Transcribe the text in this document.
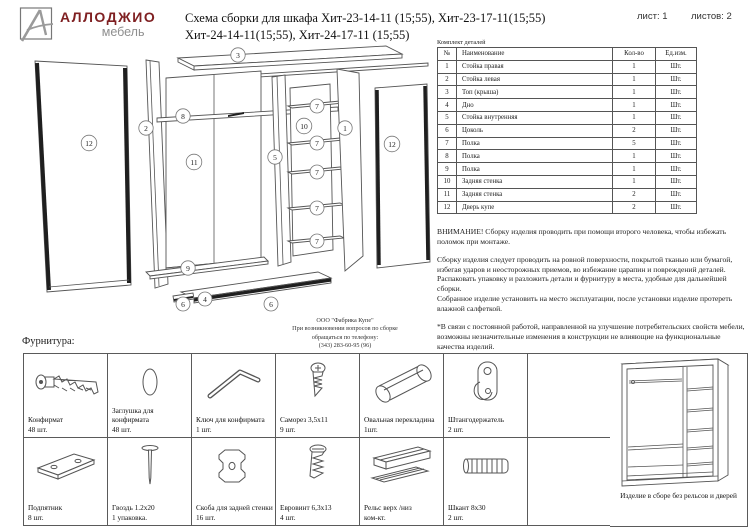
АЛЛОДЖИО
мебель
Схема сборки для шкафа Хит-23-14-11 (15;55), Хит-23-17-11(15;55)
Хит-24-14-11(15;55), Хит-24-17-11 (15;55)
лист: 1 листов: 2
Комплект деталей
№	Наименование	Кол-во	Ед.изм.
1	Стойка правая	1	Шт.
2	Стойка левая	1	Шт.
3	Топ (крыша)	1	Шт.
4	Дно	1	Шт.
5	Стойка внутренняя	1	Шт.
6	Цоколь	2	Шт.
7	Полка	5	Шт.
8	Полка	1	Шт.
9	Полка	1	Шт.
10	Задняя стенка	1	Шт.
11	Задняя стенка	2	Шт.
12	Дверь купе	2	Шт.

ВНИМАНИЕ! Сборку изделия проводить при помощи второго человека, чтобы избежать поломок при монтаже.

Сборку изделия следует проводить на ровной поверхности, покрытой тканью или бумагой, избегая ударов и неосторожных приемов, во избежание царапин и повреждений деталей.

Распаковать упаковку и разложить детали и фурнитуру в места, удобные для дальнейшей сборки.

Собранное изделие установить на место эксплуатации, после установки изделие протереть влажной салфеткой.

*В связи с постоянной работой, направленной на улучшение потребительских свойств мебели, возможны незначительные изменения в конструкции не влияющие на функциональные качества изделий.

ООО "Фабрика Купе"
При возникновении вопросов по сборке
обращаться по телефону:
(343) 283-60-95 (96)
3
12
2
8
11
9
5
10
7
7
7
7
7
1
12
6
4
6
Фурнитура:
Конфирмат
48 шт.
Заглушка для конфирмата
48 шт.
Ключ для конфирмата
1 шт.
Саморез 3,5х11
9 шт.
Овальная перекладина
1шт.
Штангодержатель
2 шт.
Подпятник
8 шт.
Гвоздь 1.2х20
1 упаковка.
Скоба для задней стенки
16 шт.
Евровинт 6,3х13
4 шт.
Рельс верх /низ
ком-кт.
Шкант 8х30
2 шт.
Изделие в сборе без рельсов и дверей
